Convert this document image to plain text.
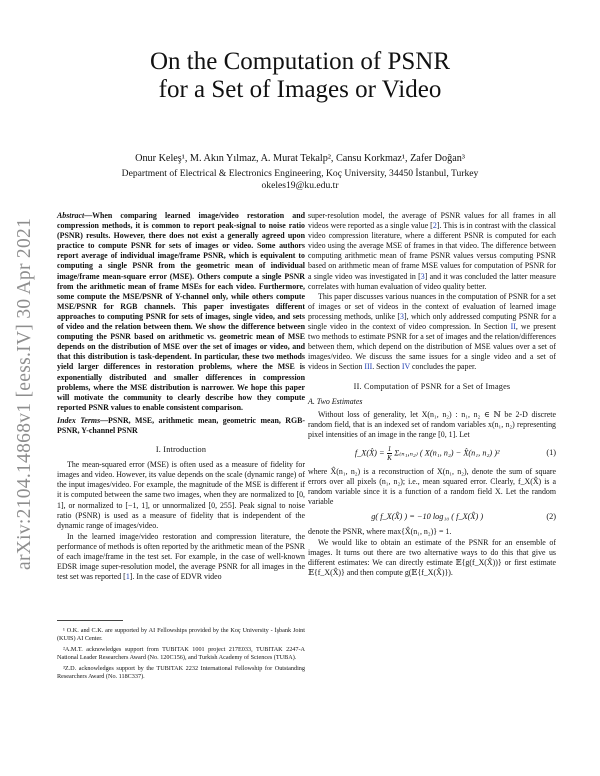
arXiv:2104.14868v1 [eess.IV] 30 Apr 2021
On the Computation of PSNR
for a Set of Images or Video
Onur Keleş¹, M. Akın Yılmaz, A. Murat Tekalp², Cansu Korkmaz¹, Zafer Doğan³
Department of Electrical & Electronics Engineering, Koç University, 34450 İstanbul, Turkey
okeles19@ku.edu.tr

Abstract—When comparing learned image/video restoration and compression methods, it is common to report peak-signal to noise ratio (PSNR) results. However, there does not exist a generally agreed upon practice to compute PSNR for sets of images or video. Some authors report average of individual image/frame PSNR, which is equivalent to computing a single PSNR from the geometric mean of individual image/frame mean-square error (MSE). Others compute a single PSNR from the arithmetic mean of frame MSEs for each video. Furthermore, some compute the MSE/PSNR of Y-channel only, while others compute MSE/PSNR for RGB channels. This paper investigates different approaches to computing PSNR for sets of images, single video, and sets of video and the relation between them. We show the difference between computing the PSNR based on arithmetic vs. geometric mean of MSE depends on the distribution of MSE over the set of images or video, and that this distribution is task-dependent. In particular, these two methods yield larger differences in restoration problems, where the MSE is exponentially distributed and smaller differences in compression problems, where the MSE distribution is narrower. We hope this paper will motivate the community to clearly describe how they compute reported PSNR values to enable consistent comparison.

Index Terms—PSNR, MSE, arithmetic mean, geometric mean, RGB-PSNR, Y-channel PSNR

I. Introduction

The mean-squared error (MSE) is often used as a measure of fidelity for images and video. However, its value depends on the scale (dynamic range) of the input images/video. For example, the magnitude of the MSE is different if it is computed between the same two images, when they are normalized to [0, 1], or normalized to [−1, 1], or unnormalized [0, 255]. Peak signal to noise ratio (PSNR) is used as a measure of fidelity that is independent of the dynamic range of images/video.

In the learned image/video restoration and compression literature, the performance of methods is often reported by the arithmetic mean of the PSNR of each image/frame in the test set. For example, in the case of well-known EDSR image super-resolution model, the average PSNR for all images in the test set was reported [1]. In the case of EDVR video

¹ O.K. and C.K. are supported by AI Fellowships provided by the Koç University - İşbank Joint (KUIS) AI Center.

²A.M.T. acknowledges support from TUBITAK 1001 project 217E033, TUBITAK 2247-A National Leader Researchers Award (No. 120C156), and Turkish Academy of Sciences (TUBA).

³Z.D. acknowledges support by the TUBITAK 2232 International Fellowship for Outstanding Researchers Award (No. 118C337).

super-resolution model, the average of PSNR values for all frames in all videos were reported as a single value [2]. This is in contrast with the classical video compression literature, where a different PSNR is computed for each video using the average MSE of frames in that video. The difference between computing arithmetic mean of frame PSNR values versus computing PSNR based on arithmetic mean of frame MSE values for computation of PSNR for a single video was investigated in [3] and it was concluded the latter measure correlates with human evaluation of video quality better.

This paper discusses various nuances in the computation of PSNR for a set of images or set of videos in the context of evaluation of learned image processing methods, unlike [3], which only addressed computing PSNR for a single video in the context of video compression. In Section II, we present two methods to estimate PSNR for a set of images and the relation/differences between them, which depend on the distribution of MSE values over a set of images/video. We discuss the same issues for a single video and a set of videos in Section III. Section IV concludes the paper.

II. Computation of PSNR for a Set of Images
A. Two Estimates

Without loss of generality, let X(n₁, n₂) : n₁, n₂ ∈ ℕ be 2-D discrete random field, that is an indexed set of random variables x(n₁, n₂) representing pixel intensities of an image in the range [0, 1]. Let

f_X(X̂) = $\frac{1}{K} \Sigma_{(n1},_{n2)}$ ( X(n₁, n₂) − X̂(n₁, n₂) )²	(1)

where X̂(n₁, n₂) is a reconstruction of X(n₁, n₂), denote the sum of square errors over all pixels (n₁, n₂); i.e., mean squared error. Clearly, f_X(X̂) is a random variable since it is a function of a random field X. Let the random variable

g( f_X(X̂) ) = −10 log₁₀ ( f_X(X̂) )	(2)

denote the PSNR, where max{X̂(n₁, n₂)} = 1.

We would like to obtain an estimate of the PSNR for an ensemble of images. It turns out there are two alternative ways to do this that give us different estimates: We can directly estimate 𝔼{g(f_X(X̂))} or first estimate 𝔼{f_X(X̂)} and then compute g(𝔼{f_X(X̂)}).
